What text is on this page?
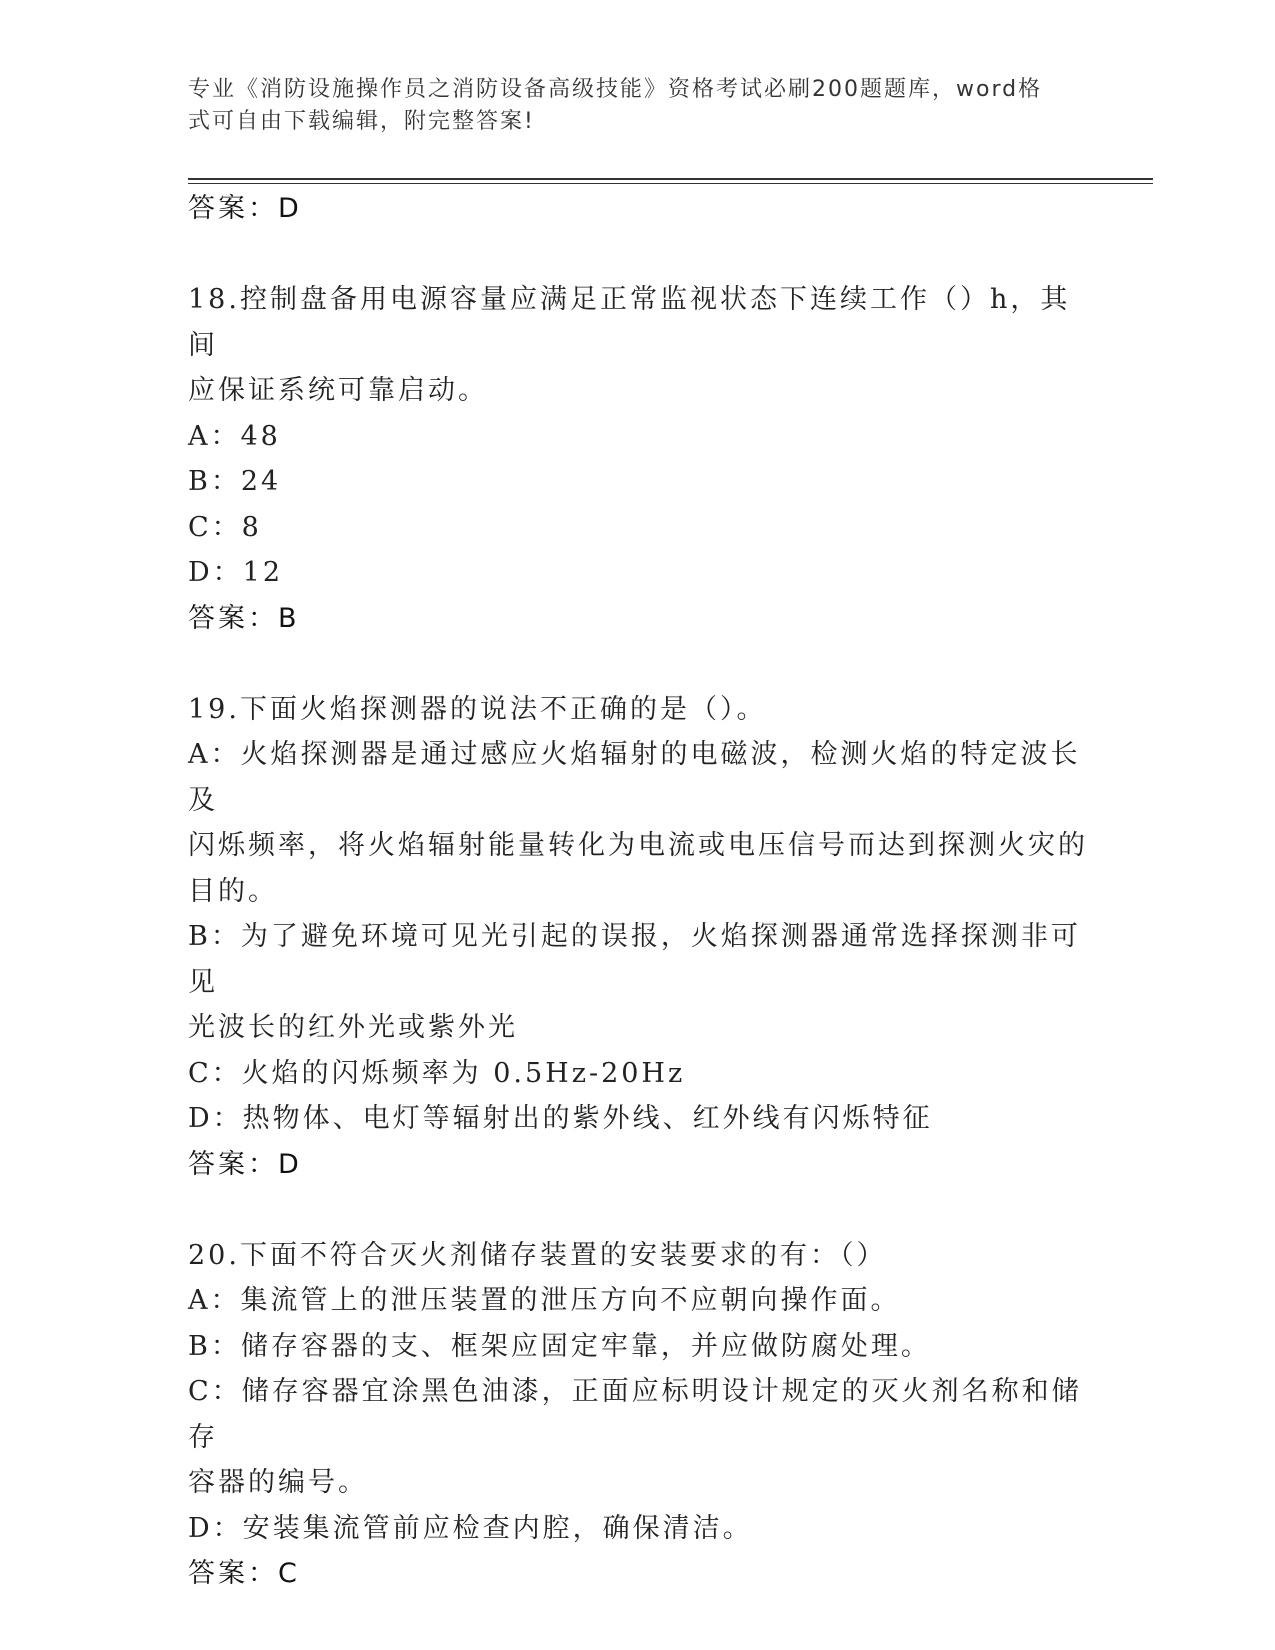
专业《消防设施操作员之消防设备高级技能》资格考试必刷200题题库，word格
式可自由下载编辑，附完整答案!
答案：D
18.控制盘备用电源容量应满足正常监视状态下连续工作（）h，其间
应保证系统可靠启动。
A：48
B：24
C：8
D：12
答案：B
19.下面火焰探测器的说法不正确的是（）。
A：火焰探测器是通过感应火焰辐射的电磁波，检测火焰的特定波长及
闪烁频率，将火焰辐射能量转化为电流或电压信号而达到探测火灾的
目的。
B：为了避免环境可见光引起的误报，火焰探测器通常选择探测非可见
光波长的红外光或紫外光
C：火焰的闪烁频率为 0.5Hz-20Hz
D：热物体、电灯等辐射出的紫外线、红外线有闪烁特征
答案：D
20.下面不符合灭火剂储存装置的安装要求的有：（）
A：集流管上的泄压装置的泄压方向不应朝向操作面。
B：储存容器的支、框架应固定牢靠，并应做防腐处理。
C：储存容器宜涂黑色油漆，正面应标明设计规定的灭火剂名称和储存
容器的编号。
D：安装集流管前应检查内腔，确保清洁。
答案：C
